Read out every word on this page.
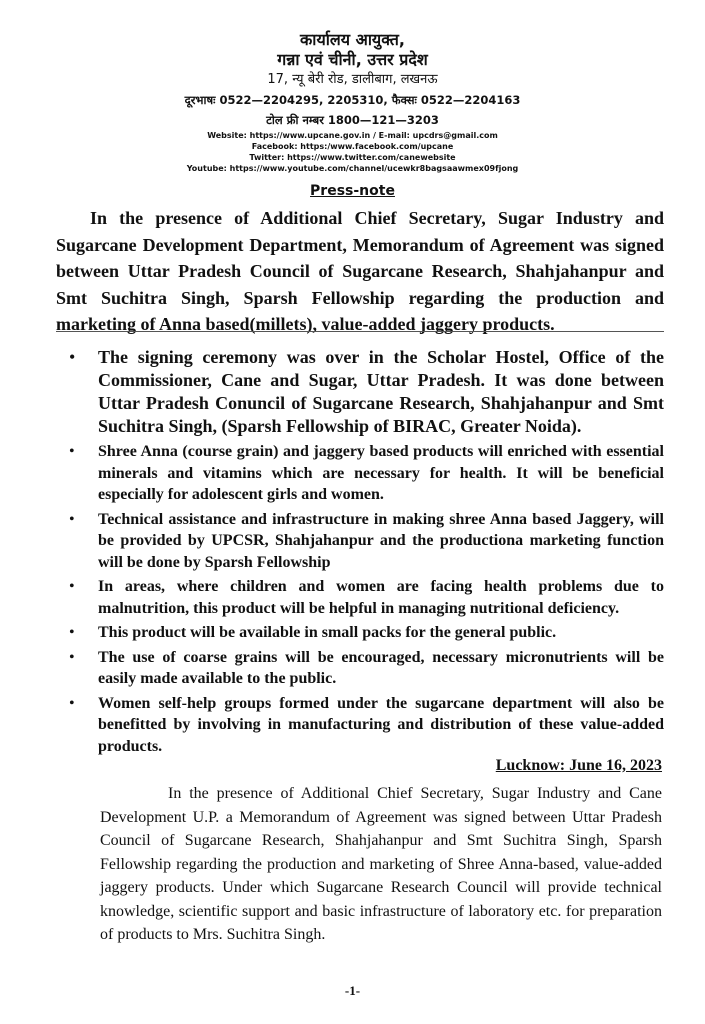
कार्यालय आयुक्त,
गन्ना एवं चीनी, उत्तर प्रदेश
17, न्यू बेरी रोड, डालीबाग, लखनऊ
दूरभाषः 0522—2204295, 2205310, फैक्सः 0522—2204163
टोल फ्री नम्बर 1800—121—3203
Website: https://www.upcane.gov.in / E-mail: upcdrs@gmail.com
Facebook: https:/www.facebook.com/upcane
Twitter: https://www.twitter.com/canewebsite
Youtube: https://www.youtube.com/channel/ucewkr8bagsaawmex09fjong
Press-note

In the presence of Additional Chief Secretary, Sugar Industry and Sugarcane Development Department, Memorandum of Agreement was signed between Uttar Pradesh Council of Sugarcane Research, Shahjahanpur and Smt Suchitra Singh, Sparsh Fellowship regarding the production and marketing of Anna based(millets), value-added jaggery products.

• The signing ceremony was over in the Scholar Hostel, Office of the Commissioner, Cane and Sugar, Uttar Pradesh. It was done between Uttar Pradesh Conuncil of Sugarcane Research, Shahjahanpur and Smt Suchitra Singh, (Sparsh Fellowship of BIRAC, Greater Noida).
• Shree Anna (course grain) and jaggery based products will enriched with essential minerals and vitamins which are necessary for health. It will be beneficial especially for adolescent girls and women.
• Technical assistance and infrastructure in making shree Anna based Jaggery, will be provided by UPCSR, Shahjahanpur and the productiona marketing function will be done by Sparsh Fellowship
• In areas, where children and women are facing health problems due to malnutrition, this product will be helpful in managing nutritional deficiency.
• This product will be available in small packs for the general public.
• The use of coarse grains will be encouraged, necessary micronutrients will be easily made available to the public.
• Women self-help groups formed under the sugarcane department will also be benefitted by involving in manufacturing and distribution of these value-added products.
Lucknow: June 16, 2023

In the presence of Additional Chief Secretary, Sugar Industry and Cane Development U.P. a Memorandum of Agreement was signed between Uttar Pradesh Council of Sugarcane Research, Shahjahanpur and Smt Suchitra Singh, Sparsh Fellowship regarding the production and marketing of Shree Anna-based, value-added jaggery products. Under which Sugarcane Research Council will provide technical knowledge, scientific support and basic infrastructure of laboratory etc. for preparation of products to Mrs. Suchitra Singh.

-1-
